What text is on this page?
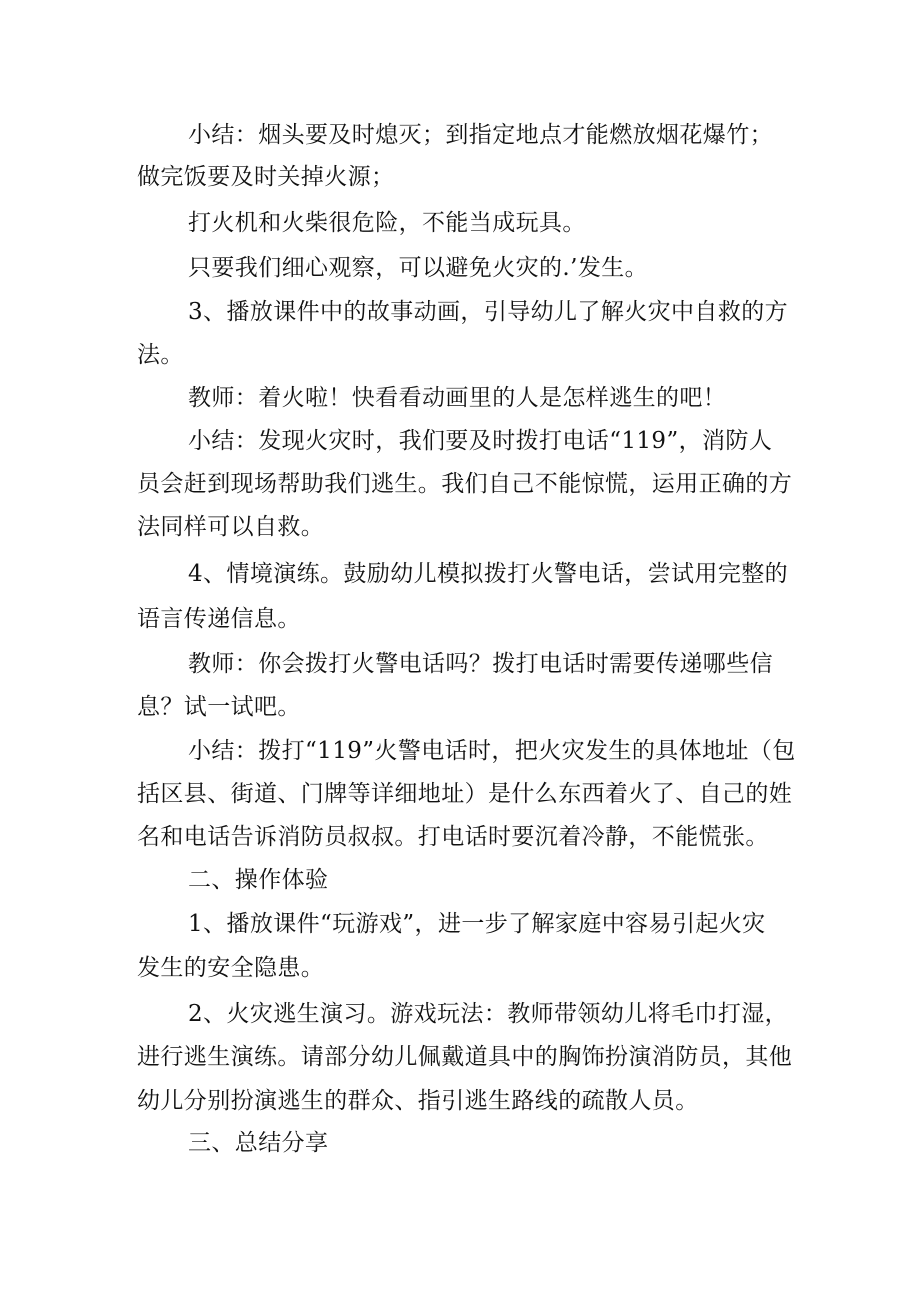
小结：烟头要及时熄灭；到指定地点才能燃放烟花爆竹；
做完饭要及时关掉火源；
打火机和火柴很危险，不能当成玩具。
只要我们细心观察，可以避免火灾的.’发生。
3、播放课件中的故事动画，引导幼儿了解火灾中自救的方
法。
教师：着火啦！快看看动画里的人是怎样逃生的吧！
小结：发现火灾时，我们要及时拨打电话“119”，消防人
员会赶到现场帮助我们逃生。我们自己不能惊慌，运用正确的方
法同样可以自救。
4、情境演练。鼓励幼儿模拟拨打火警电话，尝试用完整的
语言传递信息。
教师：你会拨打火警电话吗？拨打电话时需要传递哪些信
息？试一试吧。
小结：拨打“119”火警电话时，把火灾发生的具体地址（包
括区县、街道、门牌等详细地址）是什么东西着火了、自己的姓
名和电话告诉消防员叔叔。打电话时要沉着冷静，不能慌张。
二、操作体验
1、播放课件“玩游戏”，进一步了解家庭中容易引起火灾
发生的安全隐患。
2、火灾逃生演习。游戏玩法：教师带领幼儿将毛巾打湿，
进行逃生演练。请部分幼儿佩戴道具中的胸饰扮演消防员，其他
幼儿分别扮演逃生的群众、指引逃生路线的疏散人员。
三、总结分享
